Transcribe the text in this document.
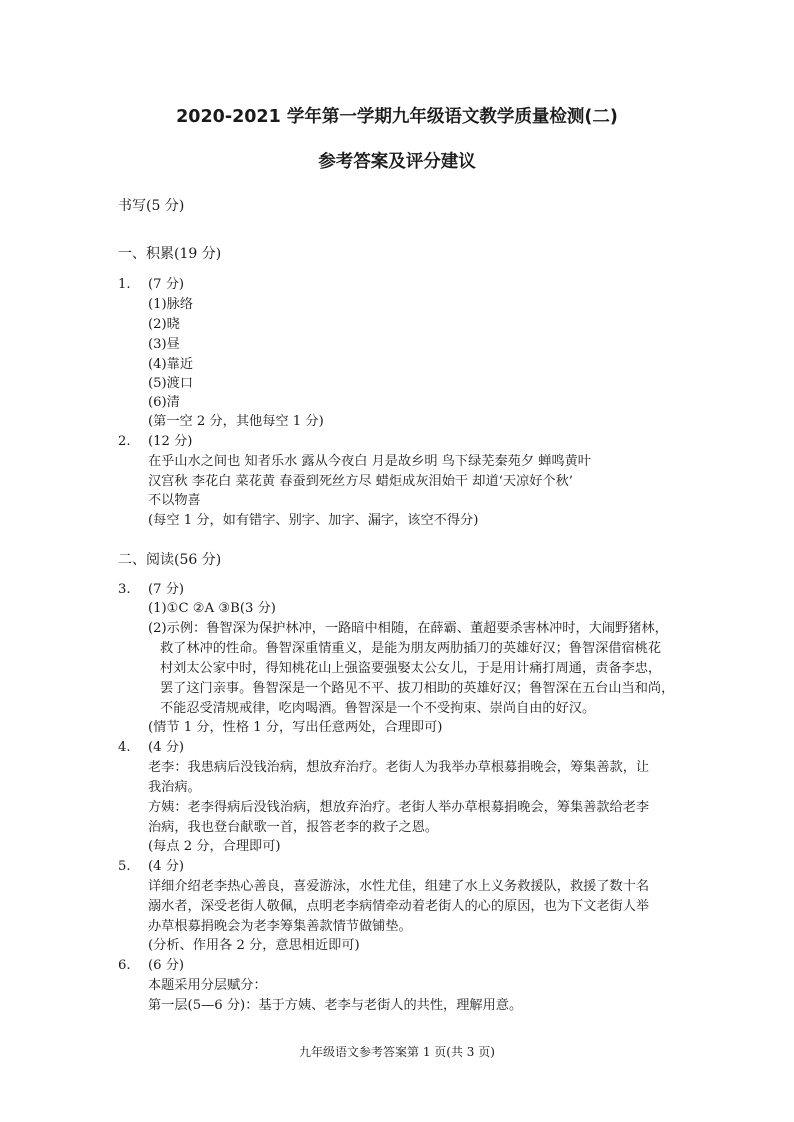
2020-2021 学年第一学期九年级语文教学质量检测(二)
参考答案及评分建议
书写(5 分)
一、积累(19 分)
1. (7 分)
(1)脉络
(2)晓
(3)昼
(4)靠近
(5)渡口
(6)清
(第一空 2 分，其他每空 1 分)
2. (12 分)
在乎山水之间也 知者乐水 露从今夜白 月是故乡明 鸟下绿芜秦苑夕 蝉鸣黄叶
汉宫秋 李花白 菜花黄 春蚕到死丝方尽 蜡炬成灰泪始干 却道‘天凉好个秋’
不以物喜
(每空 1 分，如有错字、别字、加字、漏字，该空不得分)
二、阅读(56 分)
3. (7 分)
(1)①C ②A ③B(3 分)
(2)示例：鲁智深为保护林冲，一路暗中相随，在薛霸、董超要杀害林冲时，大闹野猪林，
救了林冲的性命。鲁智深重情重义，是能为朋友两肋插刀的英雄好汉；鲁智深借宿桃花
村刘太公家中时，得知桃花山上强盗要强娶太公女儿，于是用计痛打周通，责备李忠，
罢了这门亲事。鲁智深是一个路见不平、拔刀相助的英雄好汉；鲁智深在五台山当和尚，
不能忍受清规戒律，吃肉喝酒。鲁智深是一个不受拘束、崇尚自由的好汉。
(情节 1 分，性格 1 分，写出任意两处，合理即可)
4. (4 分)
老李：我患病后没钱治病，想放弃治疗。老街人为我举办草根募捐晚会，筹集善款，让
我治病。
方姨：老李得病后没钱治病，想放弃治疗。老街人举办草根募捐晚会，筹集善款给老李
治病，我也登台献歌一首，报答老李的救子之恩。
(每点 2 分，合理即可)
5. (4 分)
详细介绍老李热心善良，喜爱游泳，水性尤佳，组建了水上义务救援队，救援了数十名
溺水者，深受老街人敬佩，点明老李病情牵动着老街人的心的原因，也为下文老街人举
办草根募捐晚会为老李筹集善款情节做铺垫。
(分析、作用各 2 分，意思相近即可)
6. (6 分)
本题采用分层赋分：
第一层(5—6 分)：基于方姨、老李与老街人的共性，理解用意。
九年级语文参考答案第 1 页(共 3 页)
